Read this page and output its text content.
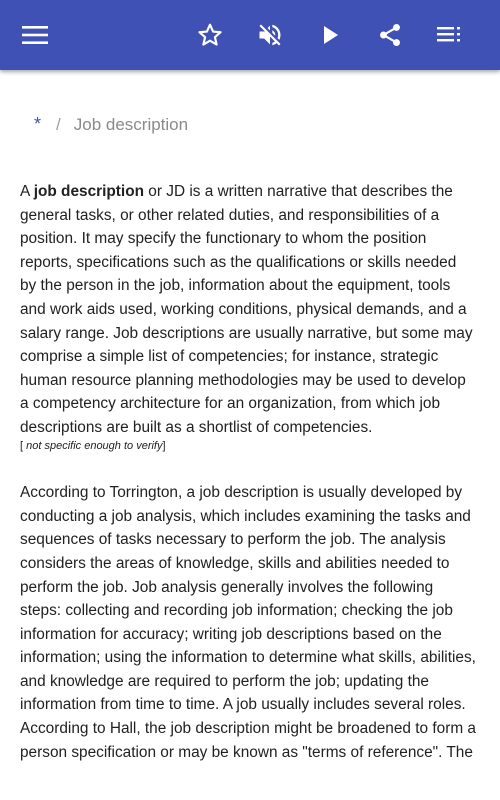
* / Job description

A job description or JD is a written narrative that describes the general tasks, or other related duties, and responsibilities of a position. It may specify the functionary to whom the position reports, specifications such as the qualifications or skills needed by the person in the job, information about the equipment, tools and work aids used, working conditions, physical demands, and a salary range. Job descriptions are usually narrative, but some may comprise a simple list of competencies; for instance, strategic human resource planning methodologies may be used to develop a competency architecture for an organization, from which job descriptions are built as a shortlist of competencies.[ not specific enough to verify]

According to Torrington, a job description is usually developed by conducting a job analysis, which includes examining the tasks and sequences of tasks necessary to perform the job. The analysis considers the areas of knowledge, skills and abilities needed to perform the job. Job analysis generally involves the following steps: collecting and recording job information; checking the job information for accuracy; writing job descriptions based on the information; using the information to determine what skills, abilities, and knowledge are required to perform the job; updating the information from time to time. A job usually includes several roles. According to Hall, the job description might be broadened to form a person specification or may be known as "terms of reference". The
